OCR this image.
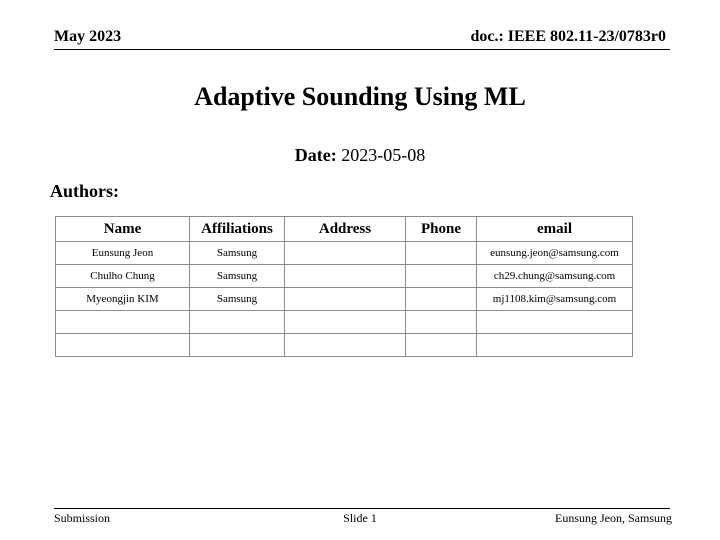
May 2023	doc.: IEEE 802.11-23/0783r0
Adaptive Sounding Using ML
Date: 2023-05-08
Authors:
Name	Affiliations	Address	Phone	email
Eunsung Jeon	Samsung			eunsung.jeon@samsung.com
Chulho Chung	Samsung			ch29.chung@samsung.com
Myeongjin KIM	Samsung			mj1108.kim@samsung.com

Submission	Slide 1	Eunsung Jeon, Samsung
